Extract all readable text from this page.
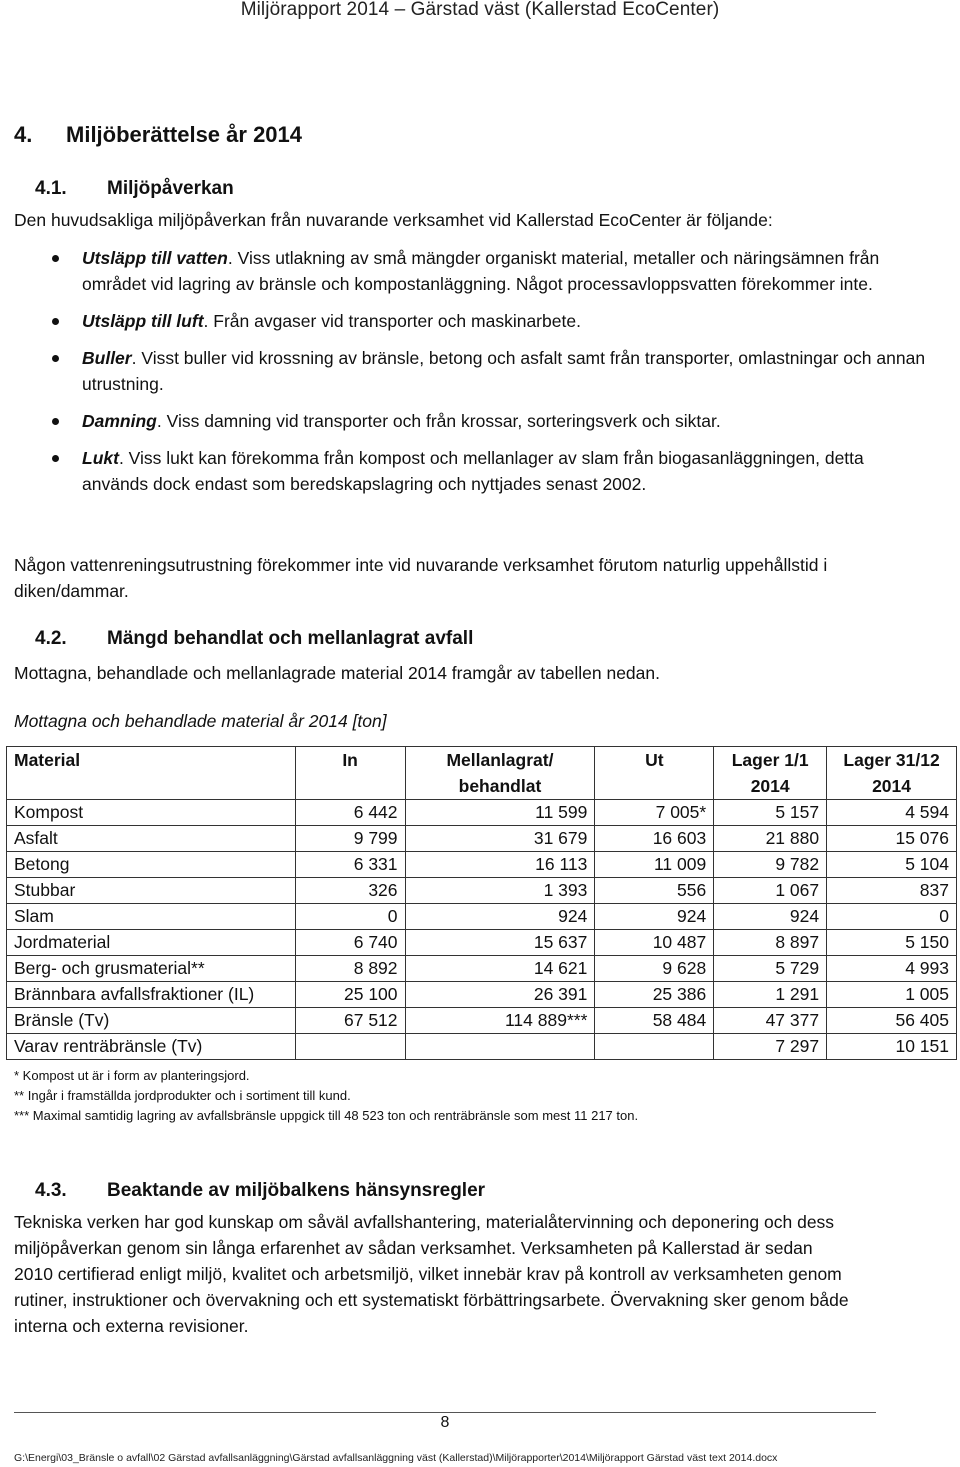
Miljörapport 2014 – Gärstad väst (Kallerstad EcoCenter)
4. Miljöberättelse år 2014
4.1. Miljöpåverkan
Den huvudsakliga miljöpåverkan från nuvarande verksamhet vid Kallerstad EcoCenter är följande:
Utsläpp till vatten. Viss utlakning av små mängder organiskt material, metaller och näringsämnen från området vid lagring av bränsle och kompostanläggning. Något processavloppsvatten förekommer inte.
Utsläpp till luft. Från avgaser vid transporter och maskinarbete.
Buller. Visst buller vid krossning av bränsle, betong och asfalt samt från transporter, omlastningar och annan utrustning.
Damning. Viss damning vid transporter och från krossar, sorteringsverk och siktar.
Lukt. Viss lukt kan förekomma från kompost och mellanlager av slam från biogasanläggningen, detta används dock endast som beredskapslagring och nyttjades senast 2002.
Någon vattenreningsutrustning förekommer inte vid nuvarande verksamhet förutom naturlig uppehållstid i diken/dammar.
4.2. Mängd behandlat och mellanlagrat avfall
Mottagna, behandlade och mellanlagrade material 2014 framgår av tabellen nedan.
Mottagna och behandlade material år 2014 [ton]
Material	In	Mellanlagrat/ behandlat	Ut	Lager 1/1 2014	Lager 31/12 2014
Kompost	6 442	11 599	7 005*	5 157	4 594
Asfalt	9 799	31 679	16 603	21 880	15 076
Betong	6 331	16 113	11 009	9 782	5 104
Stubbar	326	1 393	556	1 067	837
Slam	0	924	924	924	0
Jordmaterial	6 740	15 637	10 487	8 897	5 150
Berg- och grusmaterial**	8 892	14 621	9 628	5 729	4 993
Brännbara avfallsfraktioner (IL)	25 100	26 391	25 386	1 291	1 005
Bränsle (Tv)	67 512	114 889***	58 484	47 377	56 405
Varav renträbränsle (Tv)				7 297	10 151
* Kompost ut är i form av planteringsjord.
** Ingår i framställda jordprodukter och i sortiment till kund.
*** Maximal samtidig lagring av avfallsbränsle uppgick till 48 523 ton och renträbränsle som mest 11 217 ton.
4.3. Beaktande av miljöbalkens hänsynsregler
Tekniska verken har god kunskap om såväl avfallshantering, materialåtervinning och deponering och dess miljöpåverkan genom sin långa erfarenhet av sådan verksamhet. Verksamheten på Kallerstad är sedan 2010 certifierad enligt miljö, kvalitet och arbetsmiljö, vilket innebär krav på kontroll av verksamheten genom rutiner, instruktioner och övervakning och ett systematiskt förbättringsarbete. Övervakning sker genom både interna och externa revisioner.
8
G:\Energi\03_Bränsle o avfall\02 Gärstad avfallsanläggning\Gärstad avfallsanläggning väst (Kallerstad)\Miljörapporter\2014\Miljörapport Gärstad väst text 2014.docx
